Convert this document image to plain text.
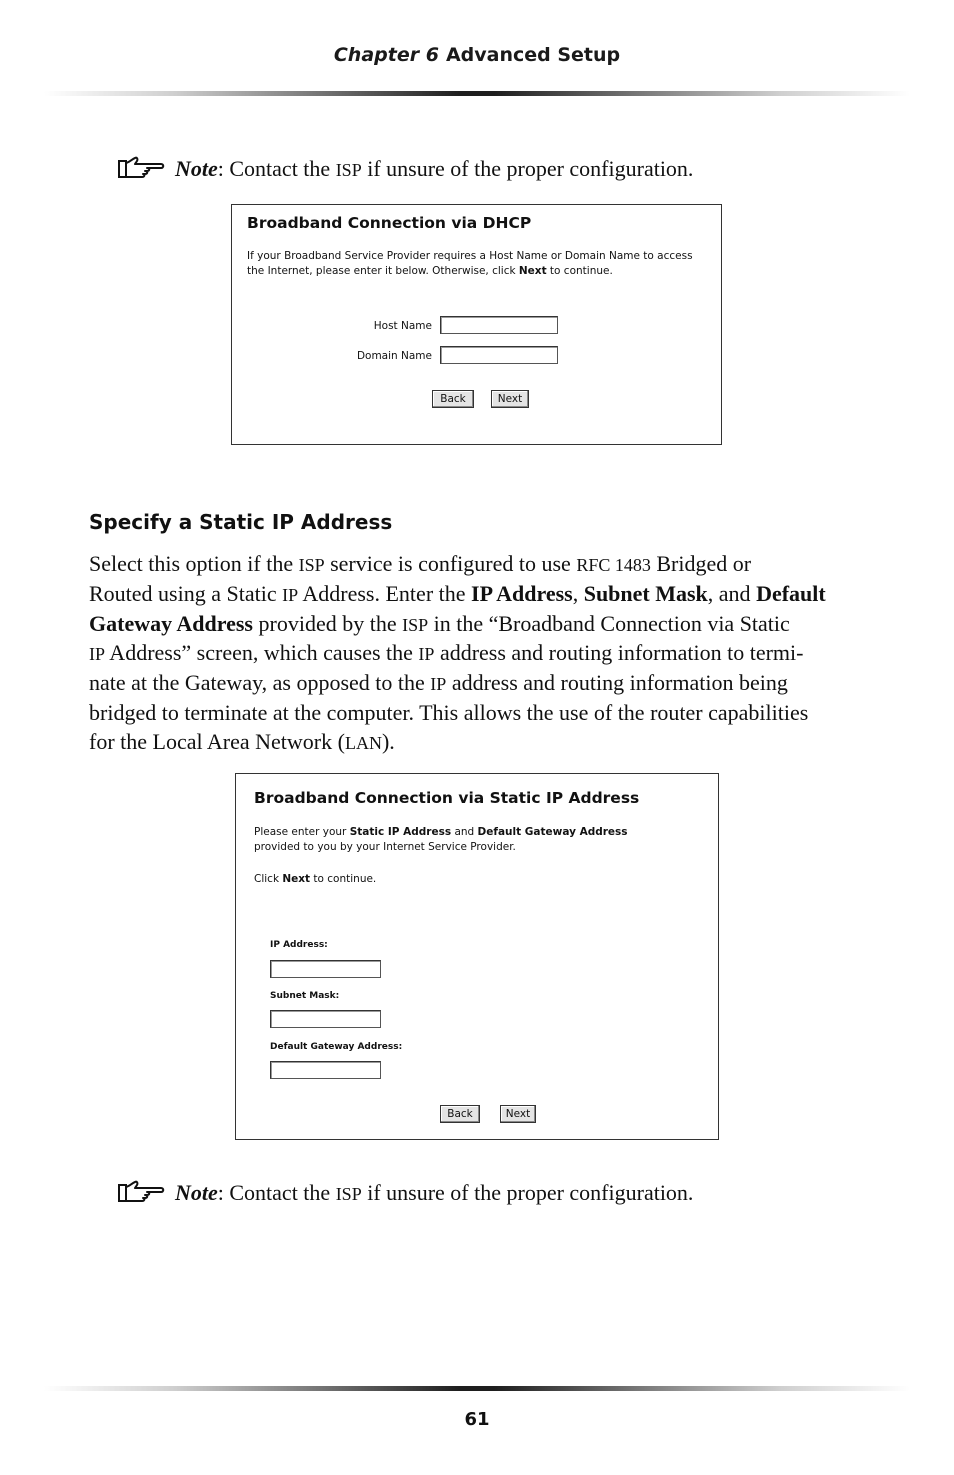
Chapter 6 Advanced Setup
Note: Contact the ISP if unsure of the proper configuration.
Broadband Connection via DHCP
If your Broadband Service Provider requires a Host Name or Domain Name to access the Internet, please enter it below. Otherwise, click Next to continue.
Host Name
Domain Name
Back	Next
Specify a Static IP Address
Select this option if the ISP service is configured to use RFC 1483 Bridged or
Routed using a Static IP Address. Enter the IP Address, Subnet Mask, and Default
Gateway Address provided by the ISP in the “Broadband Connection via Static
IP Address” screen, which causes the IP address and routing information to termi-
nate at the Gateway, as opposed to the IP address and routing information being
bridged to terminate at the computer. This allows the use of the router capabilities
for the Local Area Network (LAN).
Broadband Connection via Static IP Address
Please enter your Static IP Address and Default Gateway Address
provided to you by your Internet Service Provider.
Click Next to continue.
IP Address:
Subnet Mask:
Default Gateway Address:
Back	Next
Note: Contact the ISP if unsure of the proper configuration.
61
